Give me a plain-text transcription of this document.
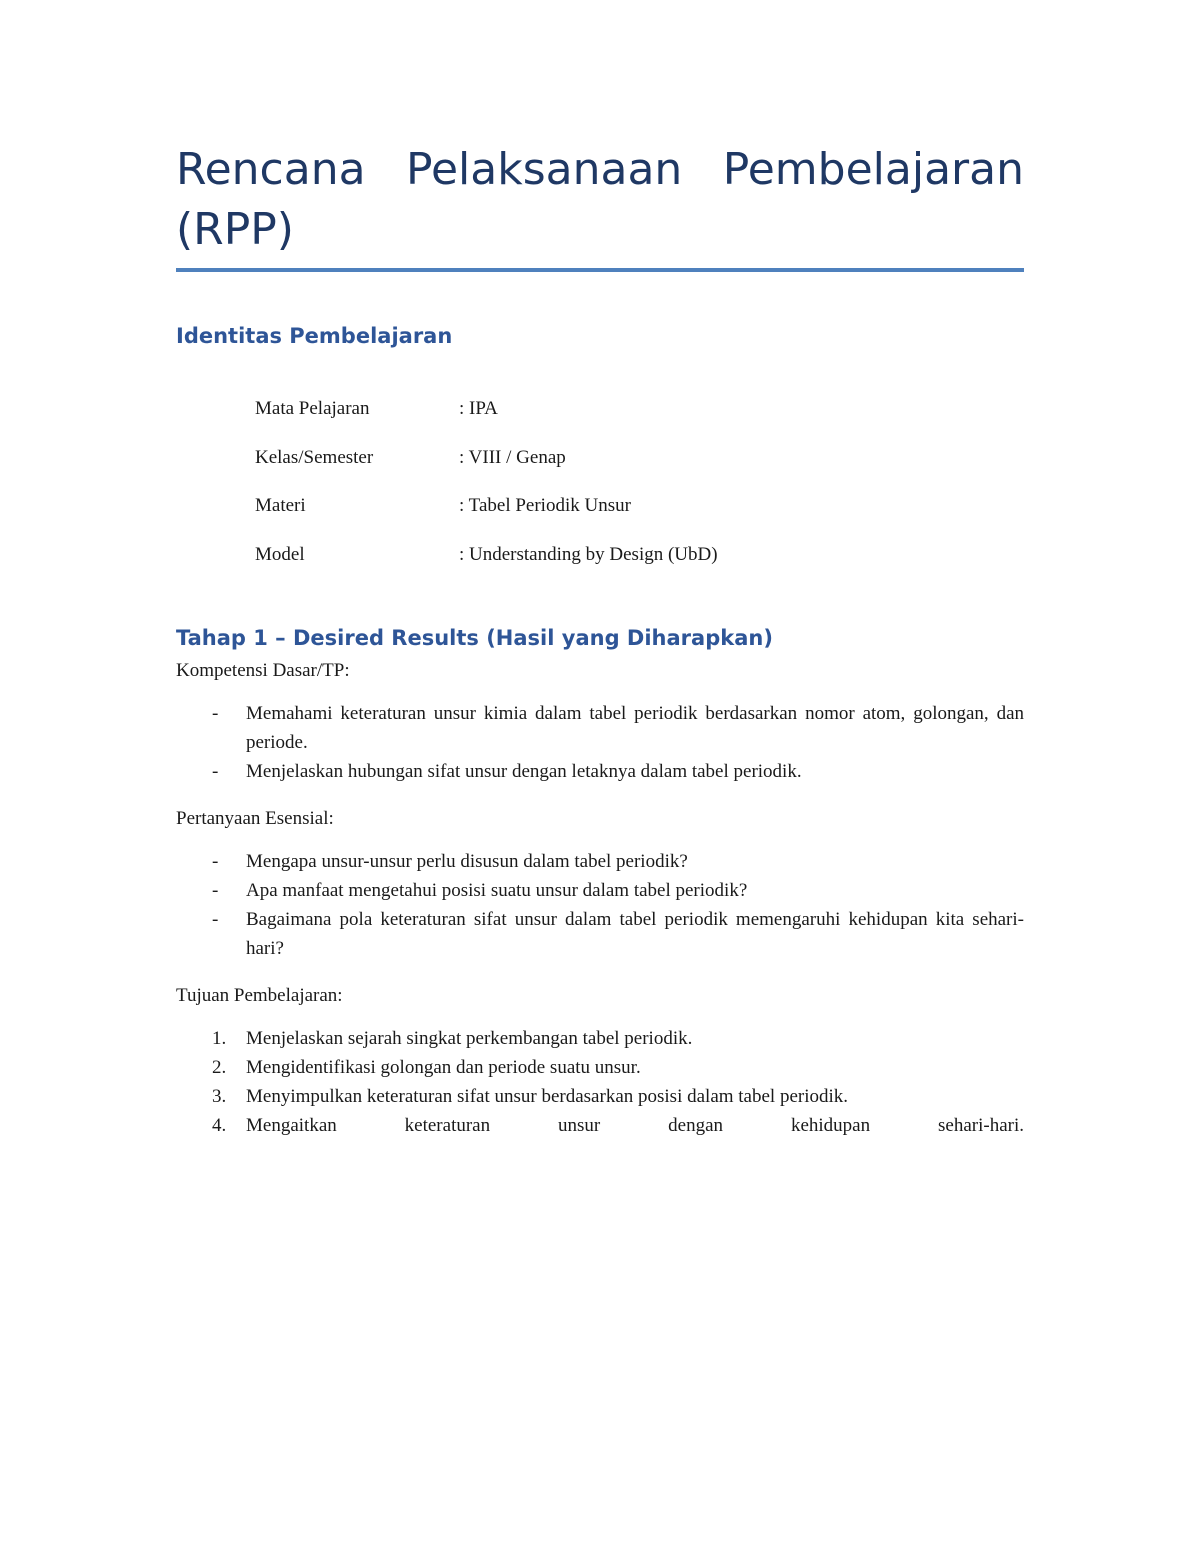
Rencana Pelaksanaan Pembelajaran
(RPP)
Identitas Pembelajaran
Mata Pelajaran	: IPA
Kelas/Semester	: VIII / Genap
Materi	: Tabel Periodik Unsur
Model	: Understanding by Design (UbD)
Tahap 1 – Desired Results (Hasil yang Diharapkan)

Kompetensi Dasar/TP:

-	Memahami keteraturan unsur kimia dalam tabel periodik berdasarkan nomor atom, golongan, dan periode.
-	Menjelaskan hubungan sifat unsur dengan letaknya dalam tabel periodik.

Pertanyaan Esensial:

-	Mengapa unsur-unsur perlu disusun dalam tabel periodik?
-	Apa manfaat mengetahui posisi suatu unsur dalam tabel periodik?
-	Bagaimana pola keteraturan sifat unsur dalam tabel periodik memengaruhi kehidupan kita sehari-hari?

Tujuan Pembelajaran:

1.	Menjelaskan sejarah singkat perkembangan tabel periodik.
2.	Mengidentifikasi golongan dan periode suatu unsur.
3.	Menyimpulkan keteraturan sifat unsur berdasarkan posisi dalam tabel periodik.
4.	Mengaitkan keteraturan unsur dengan kehidupan sehari-hari.
